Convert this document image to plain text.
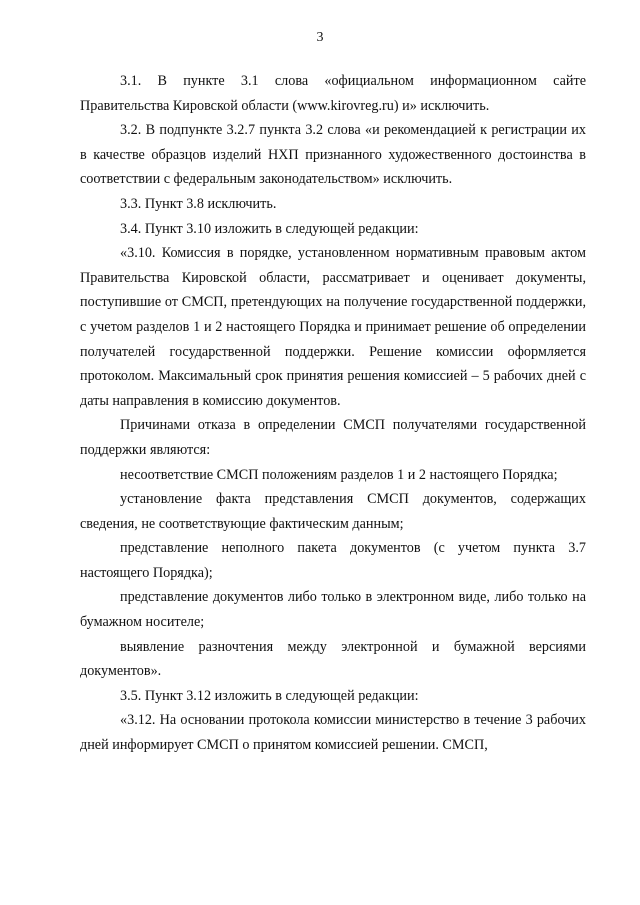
3

3.1. В пункте 3.1 слова «официальном информационном сайте Правительства Кировской области (www.kirovreg.ru) и» исключить.

3.2. В подпункте 3.2.7 пункта 3.2 слова «и рекомендацией к регистрации их в качестве образцов изделий НХП признанного художественного достоинства в соответствии с федеральным законодательством» исключить.

3.3. Пункт 3.8 исключить.

3.4. Пункт 3.10 изложить в следующей редакции:

«3.10. Комиссия в порядке, установленном нормативным правовым актом Правительства Кировской области, рассматривает и оценивает документы, поступившие от СМСП, претендующих на получение государственной поддержки, с учетом разделов 1 и 2 настоящего Порядка и принимает решение об определении получателей государственной поддержки. Решение комиссии оформляется протоколом. Максимальный срок принятия решения комиссией – 5 рабочих дней с даты направления в комиссию документов.

Причинами отказа в определении СМСП получателями государственной поддержки являются:

несоответствие СМСП положениям разделов 1 и 2 настоящего Порядка;

установление факта представления СМСП документов, содержащих сведения, не соответствующие фактическим данным;

представление неполного пакета документов (с учетом пункта 3.7 настоящего Порядка);

представление документов либо только в электронном виде, либо только на бумажном носителе;

выявление разночтения между электронной и бумажной версиями документов».

3.5. Пункт 3.12 изложить в следующей редакции:

«3.12. На основании протокола комиссии министерство в течение 3 рабочих дней информирует СМСП о принятом комиссией решении. СМСП,
